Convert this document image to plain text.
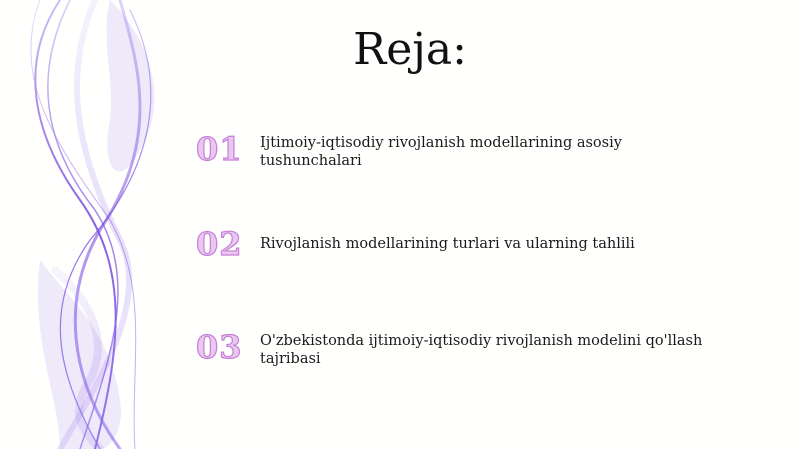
Reja:
01	Ijtimoiy-iqtisodiy rivojlanish modellarining asosiy tushunchalari
02	Rivojlanish modellarining turlari va ularning tahlili
03	O'zbekistonda ijtimoiy-iqtisodiy rivojlanish modelini qo'llash tajribasi
